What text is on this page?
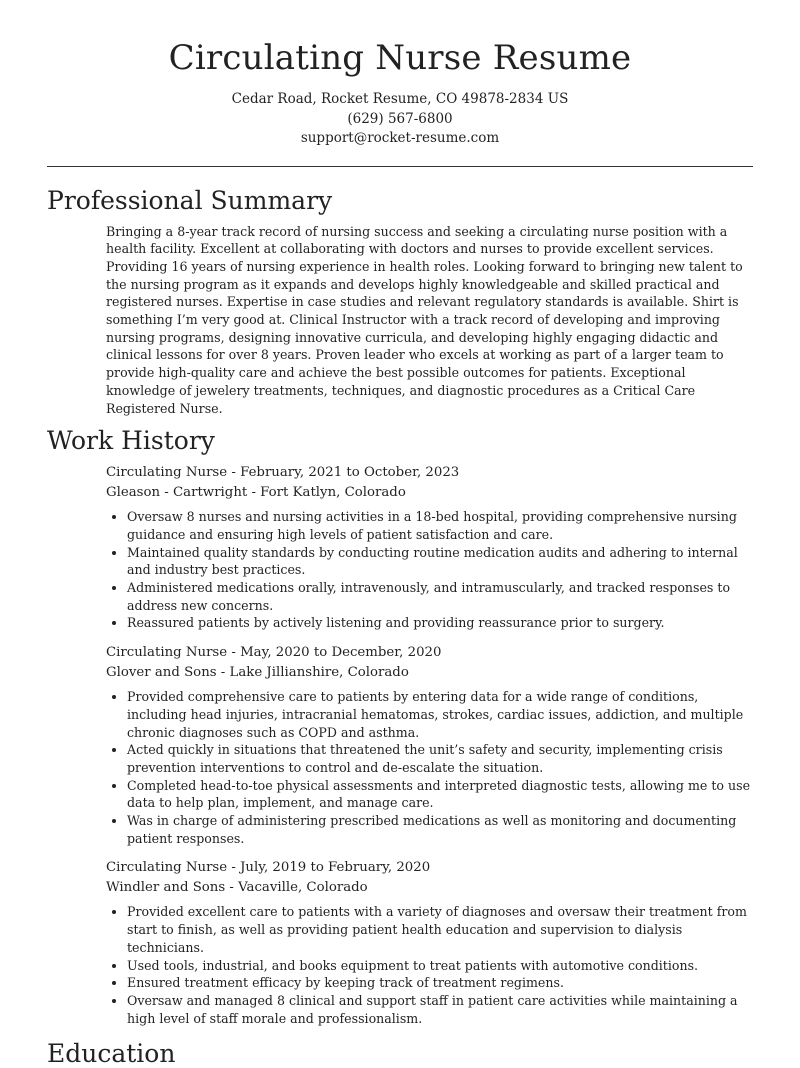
Circulating Nurse Resume
Cedar Road, Rocket Resume, CO 49878-2834 US
(629) 567-6800
support@rocket-resume.com
Professional Summary

Bringing a 8-year track record of nursing success and seeking a circulating nurse position with a health facility. Excellent at collaborating with doctors and nurses to provide excellent services. Providing 16 years of nursing experience in health roles. Looking forward to bringing new talent to the nursing program as it expands and develops highly knowledgeable and skilled practical and registered nurses. Expertise in case studies and relevant regulatory standards is available. Shirt is something I’m very good at. Clinical Instructor with a track record of developing and improving nursing programs, designing innovative curricula, and developing highly engaging didactic and clinical lessons for over 8 years. Proven leader who excels at working as part of a larger team to provide high-quality care and achieve the best possible outcomes for patients. Exceptional knowledge of jewelery treatments, techniques, and diagnostic procedures as a Critical Care Registered Nurse.

Work History
Circulating Nurse - February, 2021 to October, 2023
Gleason - Cartwright - Fort Katlyn, Colorado
• Oversaw 8 nurses and nursing activities in a 18-bed hospital, providing comprehensive nursing guidance and ensuring high levels of patient satisfaction and care.
• Maintained quality standards by conducting routine medication audits and adhering to internal and industry best practices.
• Administered medications orally, intravenously, and intramuscularly, and tracked responses to address new concerns.
• Reassured patients by actively listening and providing reassurance prior to surgery.
Circulating Nurse - May, 2020 to December, 2020
Glover and Sons - Lake Jillianshire, Colorado
• Provided comprehensive care to patients by entering data for a wide range of conditions, including head injuries, intracranial hematomas, strokes, cardiac issues, addiction, and multiple chronic diagnoses such as COPD and asthma.
• Acted quickly in situations that threatened the unit’s safety and security, implementing crisis prevention interventions to control and de-escalate the situation.
• Completed head-to-toe physical assessments and interpreted diagnostic tests, allowing me to use data to help plan, implement, and manage care.
• Was in charge of administering prescribed medications as well as monitoring and documenting patient responses.
Circulating Nurse - July, 2019 to February, 2020
Windler and Sons - Vacaville, Colorado
• Provided excellent care to patients with a variety of diagnoses and oversaw their treatment from start to finish, as well as providing patient health education and supervision to dialysis technicians.
• Used tools, industrial, and books equipment to treat patients with automotive conditions.
• Ensured treatment efficacy by keeping track of treatment regimens.
• Oversaw and managed 8 clinical and support staff in patient care activities while maintaining a high level of staff morale and professionalism.
Education
